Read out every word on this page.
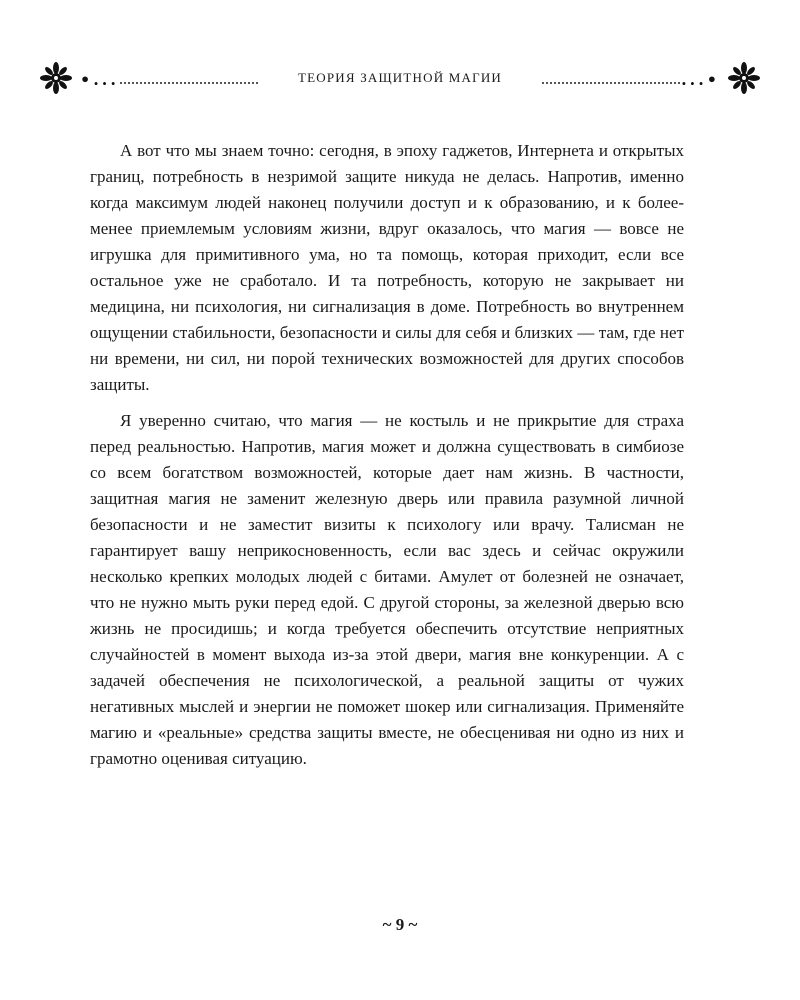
•...	ТЕОРИЯ ЗАЩИТНОЙ МАГИИ	...•

А вот что мы знаем точно: сегодня, в эпоху гаджетов, Интернета и открытых границ, потребность в незримой защите никуда не делась. Напротив, именно когда максимум людей наконец получили доступ и к образованию, и к более-менее приемлемым условиям жизни, вдруг оказалось, что магия — вовсе не игрушка для примитивного ума, но та помощь, которая приходит, если все остальное уже не сработало. И та потребность, которую не закрывает ни медицина, ни психология, ни сигнализация в доме. Потребность во внутреннем ощущении стабильности, безопасности и силы для себя и близких — там, где нет ни времени, ни сил, ни порой технических возможностей для других способов защиты.

Я уверенно считаю, что магия — не костыль и не прикрытие для страха перед реальностью. Напротив, магия может и должна существовать в симбиозе со всем богатством возможностей, которые дает нам жизнь. В частности, защитная магия не заменит железную дверь или правила разумной личной безопасности и не заместит визиты к психологу или врачу. Талисман не гарантирует вашу неприкосновенность, если вас здесь и сейчас окружили несколько крепких молодых людей с битами. Амулет от болезней не означает, что не нужно мыть руки перед едой. С другой стороны, за железной дверью всю жизнь не просидишь; и когда требуется обеспечить отсутствие неприятных случайностей в момент выхода из-за этой двери, магия вне конкуренции. А с задачей обеспечения не психологической, а реальной защиты от чужих негативных мыслей и энергии не поможет шокер или сигнализация. Применяйте магию и «реальные» средства защиты вместе, не обесценивая ни одно из них и грамотно оценивая ситуацию.

~ 9 ~
